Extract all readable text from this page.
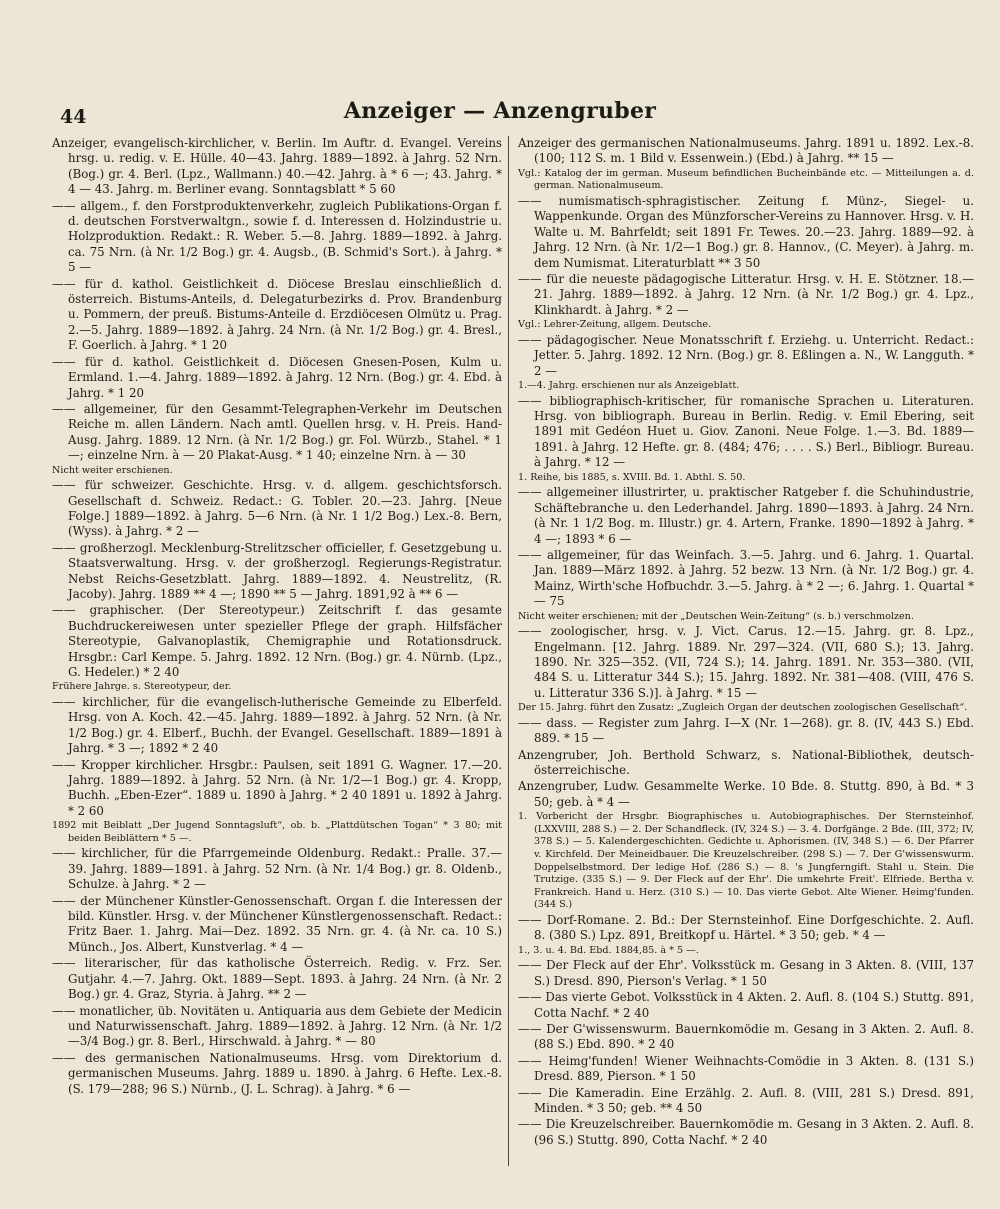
44	Anzeiger — Anzengruber

Anzeiger, evangelisch-kirchlicher, v. Berlin. Im Auftr. d. Evangel. Vereins hrsg. u. redig. v. E. Hülle. 40—43. Jahrg. 1889—1892. à Jahrg. 52 Nrn. (Bog.) gr. 4. Berl. (Lpz., Wallmann.) 40.—42. Jahrg. à * 6 —; 43. Jahrg. * 4 — 43. Jahrg. m. Berliner evang. Sonntagsblatt * 5 60

—— allgem., f. den Forstproduktenverkehr, zugleich Publikations-Organ f. d. deutschen Forstverwaltgn., sowie f. d. Interessen d. Holzindustrie u. Holzproduktion. Redakt.: R. Weber. 5.—8. Jahrg. 1889—1892. à Jahrg. ca. 75 Nrn. (à Nr. 1/2 Bog.) gr. 4. Augsb., (B. Schmid's Sort.). à Jahrg. * 5 —

—— für d. kathol. Geistlichkeit d. Diöcese Breslau einschließlich d. österreich. Bistums-Anteils, d. Delegaturbezirks d. Prov. Brandenburg u. Pommern, der preuß. Bistums-Anteile d. Erzdiöcesen Olmütz u. Prag. 2.—5. Jahrg. 1889—1892. à Jahrg. 24 Nrn. (à Nr. 1/2 Bog.) gr. 4. Bresl., F. Goerlich. à Jahrg. * 1 20

—— für d. kathol. Geistlichkeit d. Diöcesen Gnesen-Posen, Kulm u. Ermland. 1.—4. Jahrg. 1889—1892. à Jahrg. 12 Nrn. (Bog.) gr. 4. Ebd. à Jahrg. * 1 20

—— allgemeiner, für den Gesammt-Telegraphen-Verkehr im Deutschen Reiche m. allen Ländern. Nach amtl. Quellen hrsg. v. H. Preis. Hand-Ausg. Jahrg. 1889. 12 Nrn. (à Nr. 1/2 Bog.) gr. Fol. Würzb., Stahel. * 1 —; einzelne Nrn. à — 20 Plakat-Ausg. * 1 40; einzelne Nrn. à — 30

Nicht weiter erschienen.

—— für schweizer. Geschichte. Hrsg. v. d. allgem. geschichtsforsch. Gesellschaft d. Schweiz. Redact.: G. Tobler. 20.—23. Jahrg. [Neue Folge.] 1889—1892. à Jahrg. 5—6 Nrn. (à Nr. 1 1/2 Bog.) Lex.-8. Bern, (Wyss). à Jahrg. * 2 —

—— großherzogl. Mecklenburg-Strelitzscher officieller, f. Gesetzgebung u. Staatsverwaltung. Hrsg. v. der großherzogl. Regierungs-Registratur. Nebst Reichs-Gesetzblatt. Jahrg. 1889—1892. 4. Neustrelitz, (R. Jacoby). Jahrg. 1889 ** 4 —; 1890 ** 5 — Jahrg. 1891,92 à ** 6 —

—— graphischer. (Der Stereotypeur.) Zeitschrift f. das gesamte Buchdruckereiwesen unter spezieller Pflege der graph. Hilfsfächer Stereotypie, Galvanoplastik, Chemigraphie und Rotationsdruck. Hrsgbr.: Carl Kempe. 5. Jahrg. 1892. 12 Nrn. (Bog.) gr. 4. Nürnb. (Lpz., G. Hedeler.) * 2 40

Frühere Jahrge. s. Stereotypeur, der.

—— kirchlicher, für die evangelisch-lutherische Gemeinde zu Elberfeld. Hrsg. von A. Koch. 42.—45. Jahrg. 1889—1892. à Jahrg. 52 Nrn. (à Nr. 1/2 Bog.) gr. 4. Elberf., Buchh. der Evangel. Gesellschaft. 1889—1891 à Jahrg. * 3 —; 1892 * 2 40

—— Kropper kirchlicher. Hrsgbr.: Paulsen, seit 1891 G. Wagner. 17.—20. Jahrg. 1889—1892. à Jahrg. 52 Nrn. (à Nr. 1/2—1 Bog.) gr. 4. Kropp, Buchh. „Eben-Ezer“. 1889 u. 1890 à Jahrg. * 2 40 1891 u. 1892 à Jahrg. * 2 60

1892 mit Beiblatt „Der Jugend Sonntagsluft“, ob. b. „Plattdütschen Togan“ * 3 80; mit beiden Beiblättern * 5 —.

—— kirchlicher, für die Pfarrgemeinde Oldenburg. Redakt.: Pralle. 37.—39. Jahrg. 1889—1891. à Jahrg. 52 Nrn. (à Nr. 1/4 Bog.) gr. 8. Oldenb., Schulze. à Jahrg. * 2 —

—— der Münchener Künstler-Genossenschaft. Organ f. die Interessen der bild. Künstler. Hrsg. v. der Münchener Künstlergenossenschaft. Redact.: Fritz Baer. 1. Jahrg. Mai—Dez. 1892. 35 Nrn. gr. 4. (à Nr. ca. 10 S.) Münch., Jos. Albert, Kunstverlag. * 4 —

—— literarischer, für das katholische Österreich. Redig. v. Frz. Ser. Gutjahr. 4.—7. Jahrg. Okt. 1889—Sept. 1893. à Jahrg. 24 Nrn. (à Nr. 2 Bog.) gr. 4. Graz, Styria. à Jahrg. ** 2 —

—— monatlicher, üb. Novitäten u. Antiquaria aus dem Gebiete der Medicin und Naturwissenschaft. Jahrg. 1889—1892. à Jahrg. 12 Nrn. (à Nr. 1/2—3/4 Bog.) gr. 8. Berl., Hirschwald. à Jahrg. * — 80

—— des germanischen Nationalmuseums. Hrsg. vom Direktorium d. germanischen Museums. Jahrg. 1889 u. 1890. à Jahrg. 6 Hefte. Lex.-8. (S. 179—288; 96 S.) Nürnb., (J. L. Schrag). à Jahrg. * 6 —

Anzeiger des germanischen Nationalmuseums. Jahrg. 1891 u. 1892. Lex.-8. (100; 112 S. m. 1 Bild v. Essenwein.) (Ebd.) à Jahrg. ** 15 —

Vgl.: Katalog der im german. Museum befindlichen Bucheinbände etc. — Mitteilungen a. d. german. Nationalmuseum.

—— numismatisch-sphragistischer. Zeitung f. Münz-, Siegel- u. Wappenkunde. Organ des Münzforscher-Vereins zu Hannover. Hrsg. v. H. Walte u. M. Bahrfeldt; seit 1891 Fr. Tewes. 20.—23. Jahrg. 1889—92. à Jahrg. 12 Nrn. (à Nr. 1/2—1 Bog.) gr. 8. Hannov., (C. Meyer). à Jahrg. m. dem Numismat. Literaturblatt ** 3 50

—— für die neueste pädagogische Litteratur. Hrsg. v. H. E. Stötzner. 18.—21. Jahrg. 1889—1892. à Jahrg. 12 Nrn. (à Nr. 1/2 Bog.) gr. 4. Lpz., Klinkhardt. à Jahrg. * 2 —

Vgl.: Lehrer-Zeitung, allgem. Deutsche.

—— pädagogischer. Neue Monatsschrift f. Erziehg. u. Unterricht. Redact.: Jetter. 5. Jahrg. 1892. 12 Nrn. (Bog.) gr. 8. Eßlingen a. N., W. Langguth. * 2 —

1.—4. Jahrg. erschienen nur als Anzeigeblatt.

—— bibliographisch-kritischer, für romanische Sprachen u. Literaturen. Hrsg. von bibliograph. Bureau in Berlin. Redig. v. Emil Ebering, seit 1891 mit Gedéon Huet u. Giov. Zanoni. Neue Folge. 1.—3. Bd. 1889—1891. à Jahrg. 12 Hefte. gr. 8. (484; 476; . . . . S.) Berl., Bibliogr. Bureau. à Jahrg. * 12 —

1. Reihe, bis 1885, s. XVIII. Bd. 1. Abthl. S. 50.

—— allgemeiner illustrirter, u. praktischer Ratgeber f. die Schuhindustrie, Schäftebranche u. den Lederhandel. Jahrg. 1890—1893. à Jahrg. 24 Nrn. (à Nr. 1 1/2 Bog. m. Illustr.) gr. 4. Artern, Franke. 1890—1892 à Jahrg. * 4 —; 1893 * 6 —

—— allgemeiner, für das Weinfach. 3.—5. Jahrg. und 6. Jahrg. 1. Quartal. Jan. 1889—März 1892. à Jahrg. 52 bezw. 13 Nrn. (à Nr. 1/2 Bog.) gr. 4. Mainz, Wirth'sche Hofbuchdr. 3.—5. Jahrg. à * 2 —; 6. Jahrg. 1. Quartal * — 75

Nicht weiter erschienen; mit der „Deutschen Wein-Zeitung“ (s. b.) verschmolzen.

—— zoologischer, hrsg. v. J. Vict. Carus. 12.—15. Jahrg. gr. 8. Lpz., Engelmann. [12. Jahrg. 1889. Nr. 297—324. (VII, 680 S.); 13. Jahrg. 1890. Nr. 325—352. (VII, 724 S.); 14. Jahrg. 1891. Nr. 353—380. (VII, 484 S. u. Litteratur 344 S.); 15. Jahrg. 1892. Nr. 381—408. (VIII, 476 S. u. Litteratur 336 S.)]. à Jahrg. * 15 —

Der 15. Jahrg. führt den Zusatz: „Zugleich Organ der deutschen zoologischen Gesellschaft“.

—— dass. — Register zum Jahrg. I—X (Nr. 1—268). gr. 8. (IV, 443 S.) Ebd. 889. * 15 —

Anzengruber, Joh. Berthold Schwarz, s. National-Bibliothek, deutsch-österreichische.

Anzengruber, Ludw. Gesammelte Werke. 10 Bde. 8. Stuttg. 890, à Bd. * 3 50; geb. à * 4 —

1. Vorbericht der Hrsgbr. Biographisches u. Autobiographisches. Der Sternsteinhof. (LXXVIII, 288 S.) — 2. Der Schandfleck. (IV, 324 S.) — 3. 4. Dorfgänge. 2 Bde. (III, 372; IV, 378 S.) — 5. Kalendergeschichten. Gedichte u. Aphorismen. (IV, 348 S.) — 6. Der Pfarrer v. Kirchfeld. Der Meineidbauer. Die Kreuzelschreiber. (298 S.) — 7. Der G'wissenswurm. Doppelselbstmord. Der ledige Hof. (286 S.) — 8. 's Jungferngift. Stahl u. Stein. Die Trutzige. (335 S.) — 9. Der Fleck auf der Ehr'. Die umkehrte Freit'. Elfriede. Bertha v. Frankreich. Hand u. Herz. (310 S.) — 10. Das vierte Gebot. Alte Wiener. Heimg'funden. (344 S.)

—— Dorf-Romane. 2. Bd.: Der Sternsteinhof. Eine Dorfgeschichte. 2. Aufl. 8. (380 S.) Lpz. 891, Breitkopf u. Härtel. * 3 50; geb. * 4 —

1., 3. u. 4. Bd. Ebd. 1884,85. à * 5 —.

—— Der Fleck auf der Ehr'. Volksstück m. Gesang in 3 Akten. 8. (VIII, 137 S.) Dresd. 890, Pierson's Verlag. * 1 50

—— Das vierte Gebot. Volksstück in 4 Akten. 2. Aufl. 8. (104 S.) Stuttg. 891, Cotta Nachf. * 2 40

—— Der G'wissenswurm. Bauernkomödie m. Gesang in 3 Akten. 2. Aufl. 8. (88 S.) Ebd. 890. * 2 40

—— Heimg'funden! Wiener Weihnachts-Comödie in 3 Akten. 8. (131 S.) Dresd. 889, Pierson. * 1 50

—— Die Kameradin. Eine Erzählg. 2. Aufl. 8. (VIII, 281 S.) Dresd. 891, Minden. * 3 50; geb. ** 4 50

—— Die Kreuzelschreiber. Bauernkomödie m. Gesang in 3 Akten. 2. Aufl. 8. (96 S.) Stuttg. 890, Cotta Nachf. * 2 40
